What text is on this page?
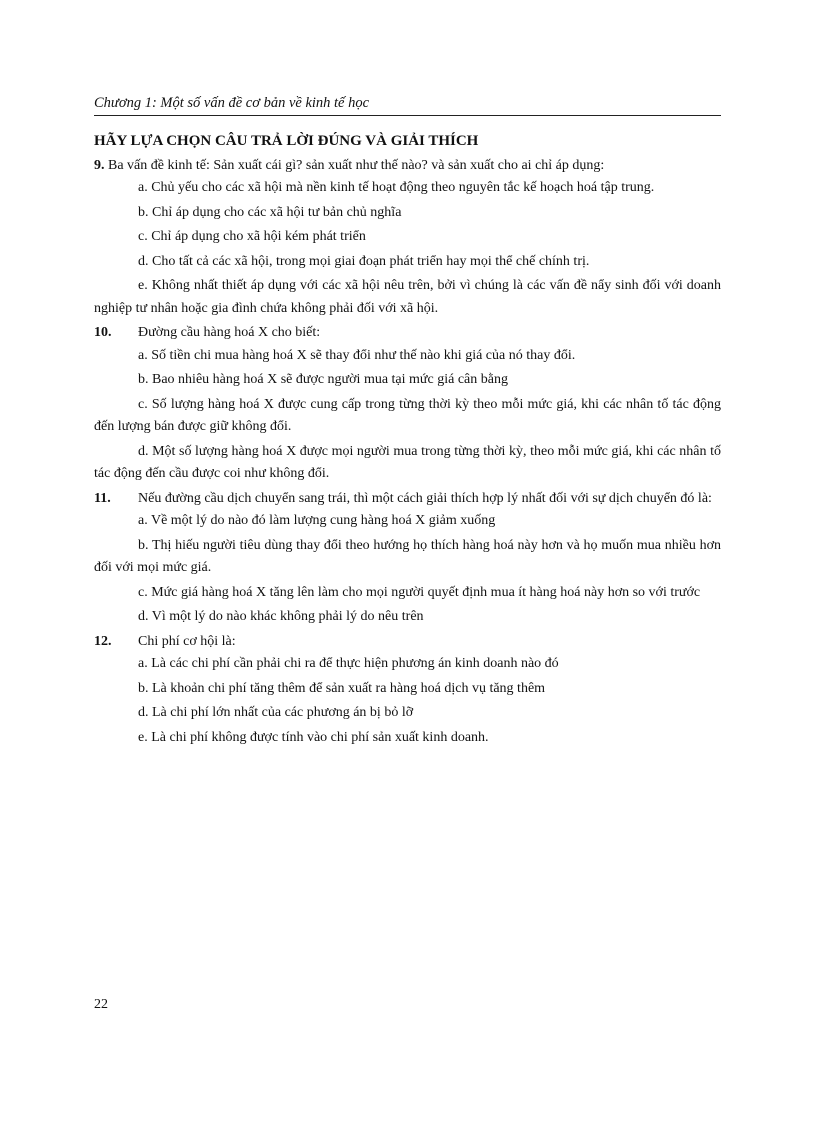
Chương 1: Một số vấn đề cơ bản về kinh tế học
HÃY LỰA CHỌN CÂU TRẢ LỜI ĐÚNG VÀ GIẢI THÍCH
9. Ba vấn đề kinh tế: Sản xuất cái gì? sản xuất như thế nào? và sản xuất cho ai chỉ áp dụng:
a. Chủ yếu cho các xã hội mà nền kinh tế hoạt động theo nguyên tắc kế hoạch hoá tập trung.
b. Chỉ áp dụng cho các xã hội tư bản chủ nghĩa
c. Chỉ áp dụng cho xã hội kém phát triển
d. Cho tất cả các xã hội, trong mọi giai đoạn phát triển hay mọi thể chế chính trị.
e. Không nhất thiết áp dụng với các xã hội nêu trên, bởi vì chúng là các vấn đề nẩy sinh đối với doanh nghiệp tư nhân hoặc gia đình chứa không phải đối với xã hội.
10. Đường cầu hàng hoá X cho biết:
a. Số tiền chi mua hàng hoá X sẽ thay đổi như thế nào khi giá của nó thay đổi.
b. Bao nhiêu hàng hoá X sẽ được người mua tại mức giá cân bằng
c. Số lượng hàng hoá X được cung cấp trong từng thời kỳ theo mỗi mức giá, khi các nhân tố tác động đến lượng bán được giữ không đổi.
d. Một số lượng hàng hoá X được mọi người mua trong từng thời kỳ, theo mỗi mức giá, khi các nhân tố tác động đến cầu được coi như không đổi.
11. Nếu đường cầu dịch chuyển sang trái, thì một cách giải thích hợp lý nhất đối với sự dịch chuyển đó là:
a. Về một lý do nào đó làm lượng cung hàng hoá X giảm xuống
b. Thị hiếu người tiêu dùng thay đổi theo hướng họ thích hàng hoá này hơn và họ muốn mua nhiều hơn đối với mọi mức giá.
c. Mức giá hàng hoá X tăng lên làm cho mọi người quyết định mua ít hàng hoá này hơn so với trước
d. Vì một lý do nào khác không phải lý do nêu trên
12. Chi phí cơ hội là:
a. Là các chi phí cần phải chi ra để thực hiện phương án kinh doanh nào đó
b. Là khoản chi phí tăng thêm để sản xuất ra hàng hoá dịch vụ tăng thêm
d. Là chi phí lớn nhất của các phương án bị bỏ lỡ
e. Là chi phí không được tính vào chi phí sản xuất kinh doanh.
22
